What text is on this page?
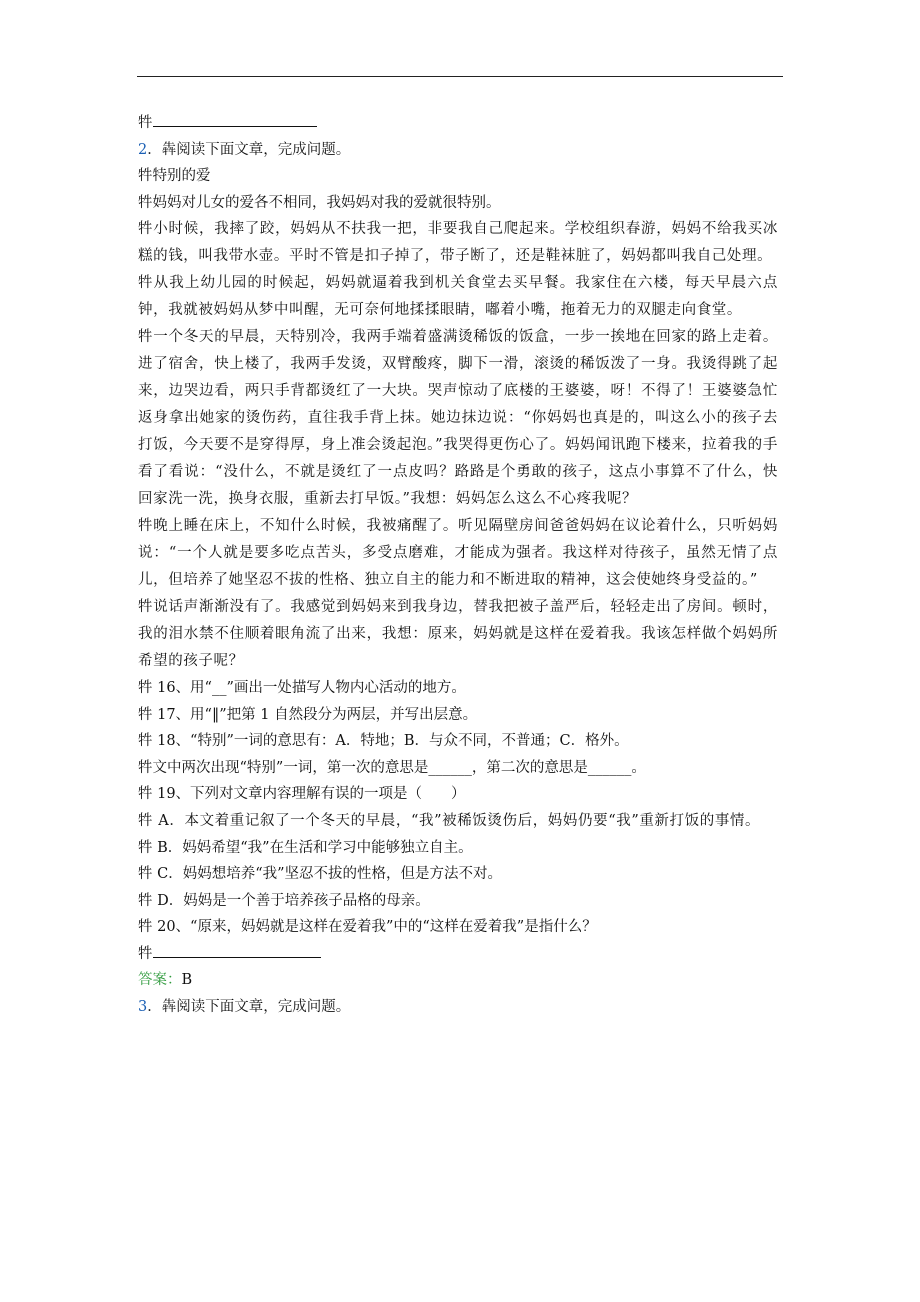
牪
2．犇阅读下面文章，完成问题。
牪特别的爱
牪妈妈对儿女的爱各不相同，我妈妈对我的爱就很特别。
牪小时候，我摔了跤，妈妈从不扶我一把，非要我自己爬起来。学校组织春游，妈妈不给我买冰糕的钱，叫我带水壶。平时不管是扣子掉了，带子断了，还是鞋袜脏了，妈妈都叫我自己处理。
牪从我上幼儿园的时候起，妈妈就逼着我到机关食堂去买早餐。我家住在六楼，每天早晨六点钟，我就被妈妈从梦中叫醒，无可奈何地揉揉眼睛，嘟着小嘴，拖着无力的双腿走向食堂。
牪一个冬天的早晨，天特别冷，我两手端着盛满烫稀饭的饭盒，一步一挨地在回家的路上走着。进了宿舍，快上楼了，我两手发烫，双臂酸疼，脚下一滑，滚烫的稀饭泼了一身。我烫得跳了起来，边哭边看，两只手背都烫红了一大块。哭声惊动了底楼的王婆婆，呀！不得了！王婆婆急忙返身拿出她家的烫伤药，直往我手背上抹。她边抹边说：“你妈妈也真是的，叫这么小的孩子去打饭，今天要不是穿得厚，身上准会烫起泡。”我哭得更伤心了。妈妈闻讯跑下楼来，拉着我的手看了看说：“没什么，不就是烫红了一点皮吗？路路是个勇敢的孩子，这点小事算不了什么，快回家洗一洗，换身衣服，重新去打早饭。”我想：妈妈怎么这么不心疼我呢？
牪晚上睡在床上，不知什么时候，我被痛醒了。听见隔壁房间爸爸妈妈在议论着什么，只听妈妈说：“一个人就是要多吃点苦头，多受点磨难，才能成为强者。我这样对待孩子，虽然无情了点儿，但培养了她坚忍不拔的性格、独立自主的能力和不断进取的精神，这会使她终身受益的。”
牪说话声渐渐没有了。我感觉到妈妈来到我身边，替我把被子盖严后，轻轻走出了房间。顿时，我的泪水禁不住顺着眼角流了出来，我想：原来，妈妈就是这样在爱着我。我该怎样做个妈妈所希望的孩子呢？
牪 16、用“__”画出一处描写人物内心活动的地方。
牪 17、用“‖”把第 1 自然段分为两层，并写出层意。
牪 18、“特别”一词的意思有：A．特地；B．与众不同，不普通；C．格外。
牪文中两次出现“特别”一词，第一次的意思是______，第二次的意思是______。
牪 19、下列对文章内容理解有误的一项是（　　）
牪 A．本文着重记叙了一个冬天的早晨，“我”被稀饭烫伤后，妈妈仍要“我”重新打饭的事情。
牪 B．妈妈希望“我”在生活和学习中能够独立自主。
牪 C．妈妈想培养“我”坚忍不拔的性格，但是方法不对。
牪 D．妈妈是一个善于培养孩子品格的母亲。
牪 20、“原来，妈妈就是这样在爱着我”中的“这样在爱着我”是指什么？
牪
答案：B
3．犇阅读下面文章，完成问题。
